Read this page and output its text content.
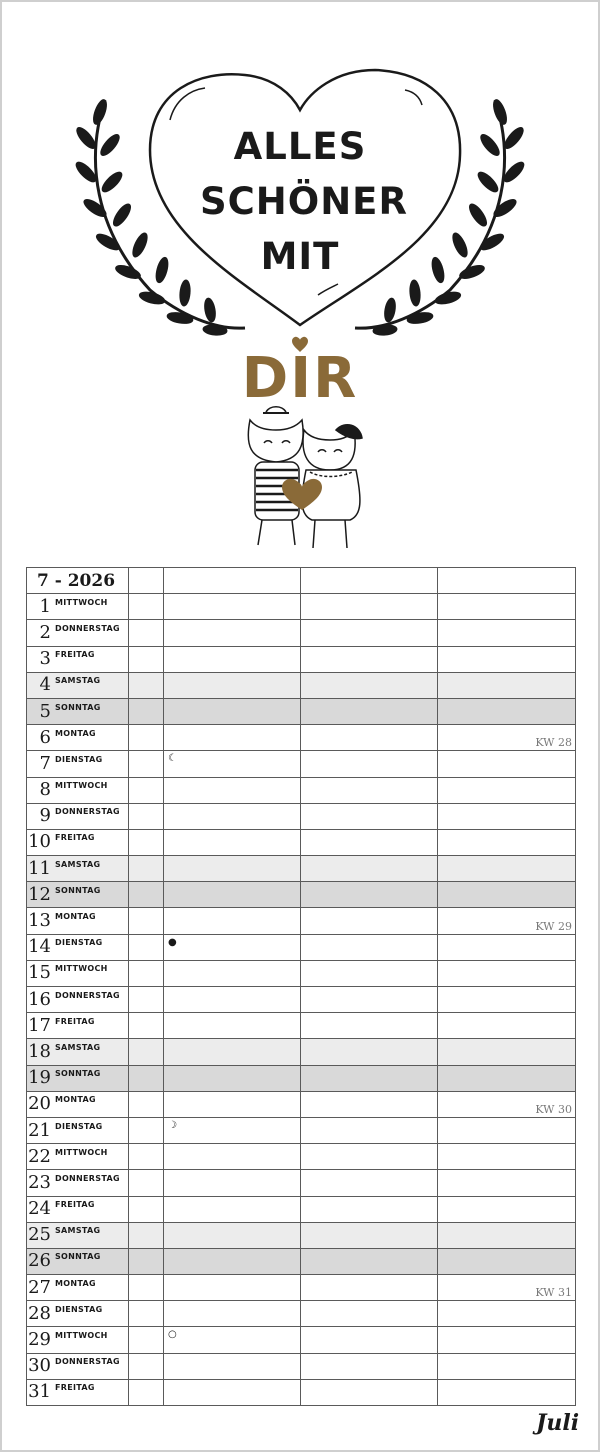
ALLES
SCHÖNER
MIT
DIR
7 - 2026				
1 MITTWOCH				
2 DONNERSTAG				
3 FREITAG				
4 SAMSTAG				
5 SONNTAG				
6 MONTAG				KW 28

7 DIENSTAG		☾		

8 MITTWOCH				
9 DONNERSTAG				
10 FREITAG				
11 SAMSTAG				
12 SONNTAG				
13 MONTAG				KW 29

14 DIENSTAG		●		

15 MITTWOCH				
16 DONNERSTAG				
17 FREITAG				
18 SAMSTAG				
19 SONNTAG				
20 MONTAG				KW 30

21 DIENSTAG		☽		

22 MITTWOCH				
23 DONNERSTAG				
24 FREITAG				
25 SAMSTAG				
26 SONNTAG				
27 MONTAG				KW 31

28 DIENSTAG				
29 MITTWOCH		○		

30 DONNERSTAG				
31 FREITAG				
Juli
